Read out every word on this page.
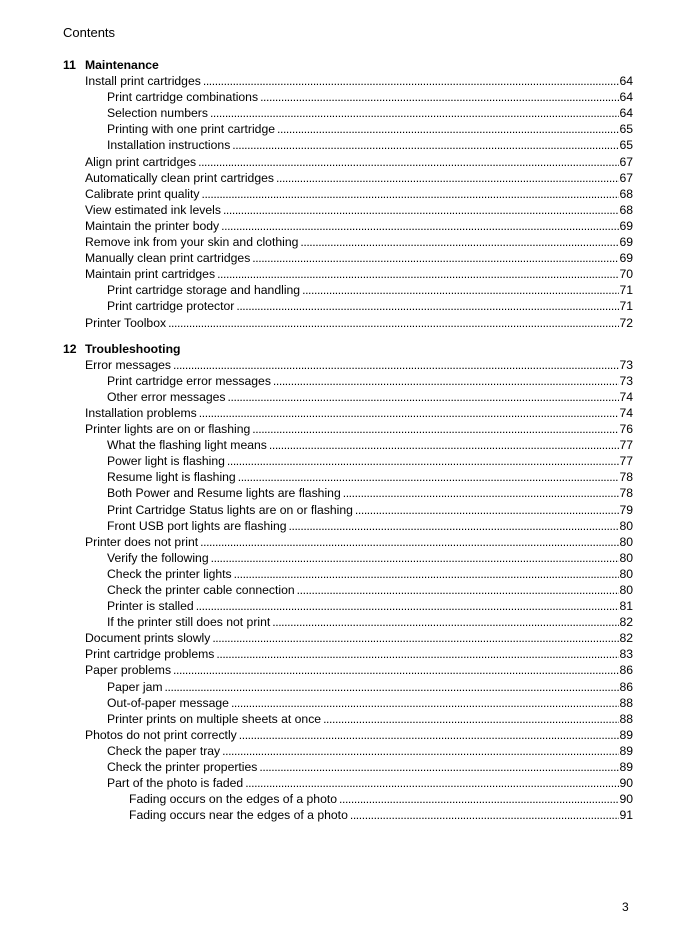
Contents
11 Maintenance
Install print cartridges . . .	64
Print cartridge combinations . . .	64
Selection numbers . . .	64
Printing with one print cartridge . . .	65
Installation instructions . . .	65
Align print cartridges . . .	67
Automatically clean print cartridges . . .	67
Calibrate print quality . . .	68
View estimated ink levels . . .	68
Maintain the printer body . . .	69
Remove ink from your skin and clothing . . .	69
Manually clean print cartridges . . .	69
Maintain print cartridges . . .	70
Print cartridge storage and handling . . .	71
Print cartridge protector . . .	71
Printer Toolbox . . .	72
12 Troubleshooting
Error messages . . .	73
Print cartridge error messages . . .	73
Other error messages . . .	74
Installation problems . . .	74
Printer lights are on or flashing . . .	76
What the flashing light means . . .	77
Power light is flashing . . .	77
Resume light is flashing . . .	78
Both Power and Resume lights are flashing . . .	78
Print Cartridge Status lights are on or flashing . . .	79
Front USB port lights are flashing . . .	80
Printer does not print . . .	80
Verify the following . . .	80
Check the printer lights . . .	80
Check the printer cable connection . . .	80
Printer is stalled . . .	81
If the printer still does not print . . .	82
Document prints slowly . . .	82
Print cartridge problems . . .	83
Paper problems . . .	86
Paper jam . . .	86
Out-of-paper message . . .	88
Printer prints on multiple sheets at once . . .	88
Photos do not print correctly . . .	89
Check the paper tray . . .	89
Check the printer properties . . .	89
Part of the photo is faded . . .	90
Fading occurs on the edges of a photo . . .	90
Fading occurs near the edges of a photo . . .	91
3
